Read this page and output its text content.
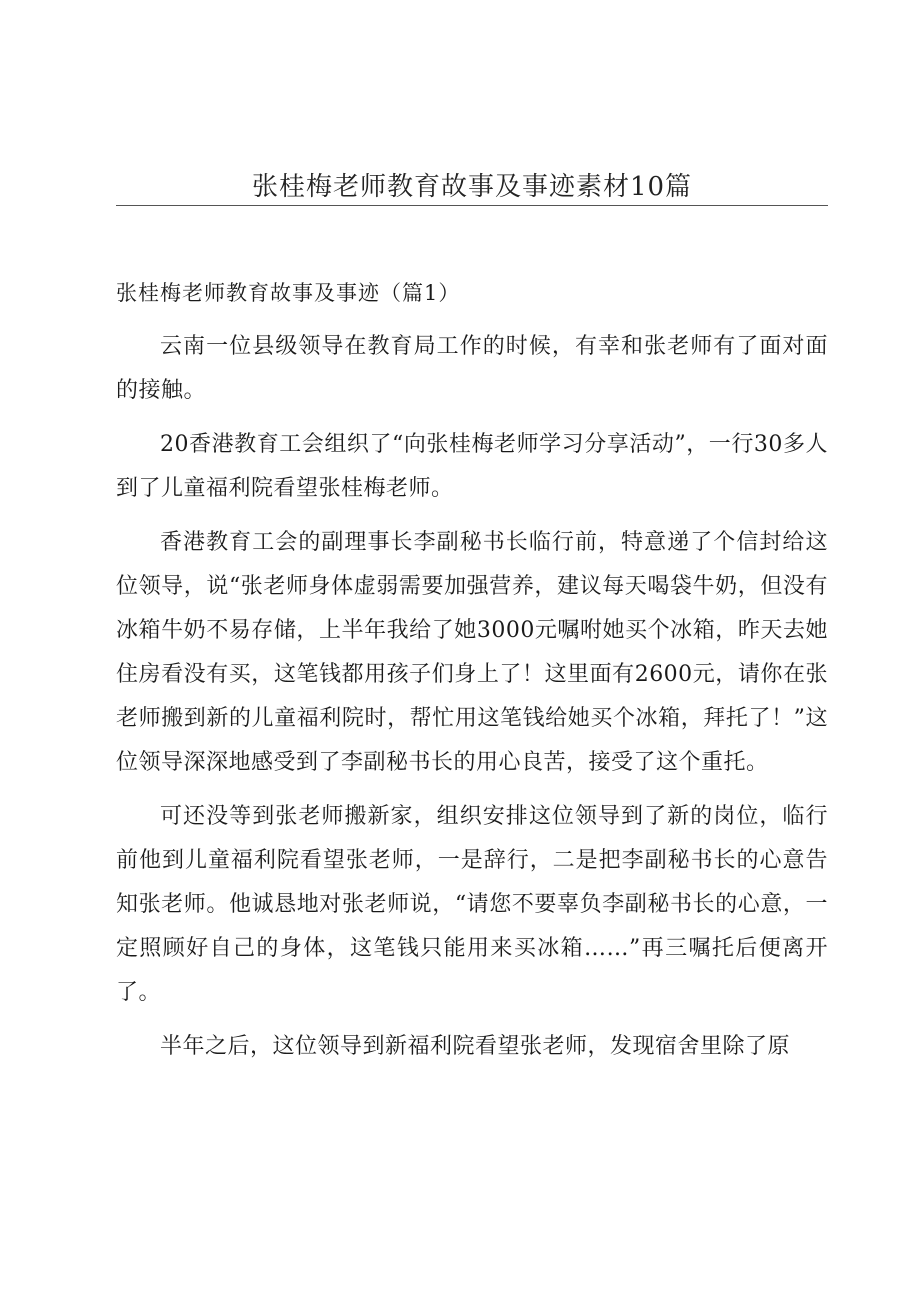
张桂梅老师教育故事及事迹素材10篇
张桂梅老师教育故事及事迹（篇1）

云南一位县级领导在教育局工作的时候，有幸和张老师有了面对面的接触。

20香港教育工会组织了“向张桂梅老师学习分享活动”，一行30多人到了儿童福利院看望张桂梅老师。

香港教育工会的副理事长李副秘书长临行前，特意递了个信封给这位领导，说“张老师身体虚弱需要加强营养，建议每天喝袋牛奶，但没有冰箱牛奶不易存储，上半年我给了她3000元嘱咐她买个冰箱，昨天去她住房看没有买，这笔钱都用孩子们身上了！这里面有2600元，请你在张老师搬到新的儿童福利院时，帮忙用这笔钱给她买个冰箱，拜托了！”这位领导深深地感受到了李副秘书长的用心良苦，接受了这个重托。

可还没等到张老师搬新家，组织安排这位领导到了新的岗位，临行前他到儿童福利院看望张老师，一是辞行，二是把李副秘书长的心意告知张老师。他诚恳地对张老师说，“请您不要辜负李副秘书长的心意，一定照顾好自己的身体，这笔钱只能用来买冰箱……”再三嘱托后便离开了。

半年之后，这位领导到新福利院看望张老师，发现宿舍里除了原
